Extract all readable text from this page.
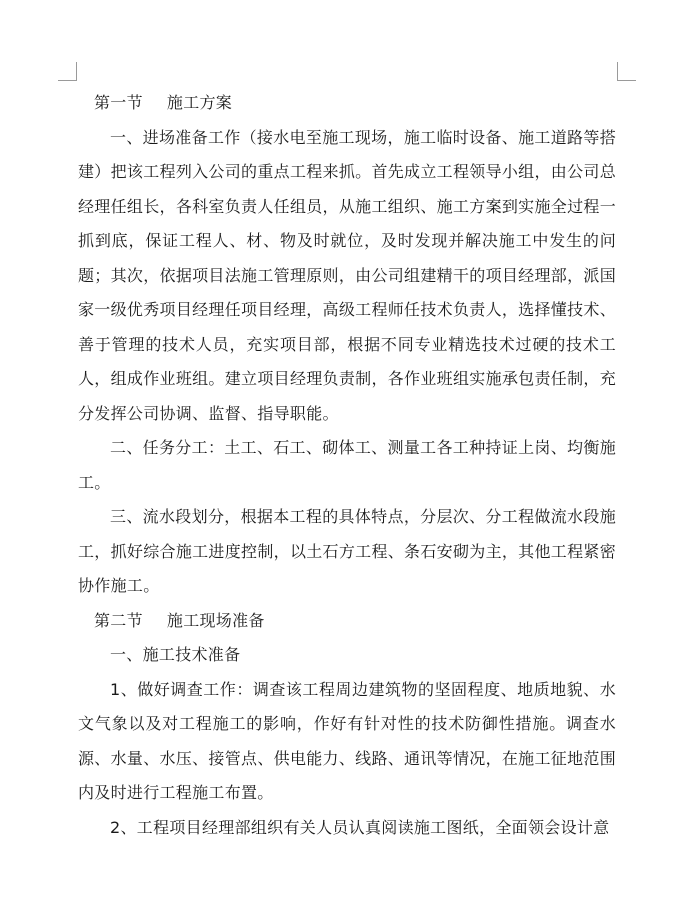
第一节 施工方案

一、进场准备工作（接水电至施工现场，施工临时设备、施工道路等搭建）把该工程列入公司的重点工程来抓。首先成立工程领导小组，由公司总经理任组长，各科室负责人任组员，从施工组织、施工方案到实施全过程一抓到底，保证工程人、材、物及时就位，及时发现并解决施工中发生的问题；其次，依据项目法施工管理原则，由公司组建精干的项目经理部，派国家一级优秀项目经理任项目经理，高级工程师任技术负责人，选择懂技术、善于管理的技术人员，充实项目部，根据不同专业精选技术过硬的技术工人，组成作业班组。建立项目经理负责制，各作业班组实施承包责任制，充分发挥公司协调、监督、指导职能。

二、任务分工：土工、石工、砌体工、测量工各工种持证上岗、均衡施工。

三、流水段划分，根据本工程的具体特点，分层次、分工程做流水段施工，抓好综合施工进度控制，以土石方工程、条石安砌为主，其他工程紧密协作施工。

第二节 施工现场准备

一、施工技术准备

1、做好调查工作：调查该工程周边建筑物的坚固程度、地质地貌、水文气象以及对工程施工的影响，作好有针对性的技术防御性措施。调查水源、水量、水压、接管点、供电能力、线路、通讯等情况，在施工征地范围内及时进行工程施工布置。

2、工程项目经理部组织有关人员认真阅读施工图纸，全面领会设计意
